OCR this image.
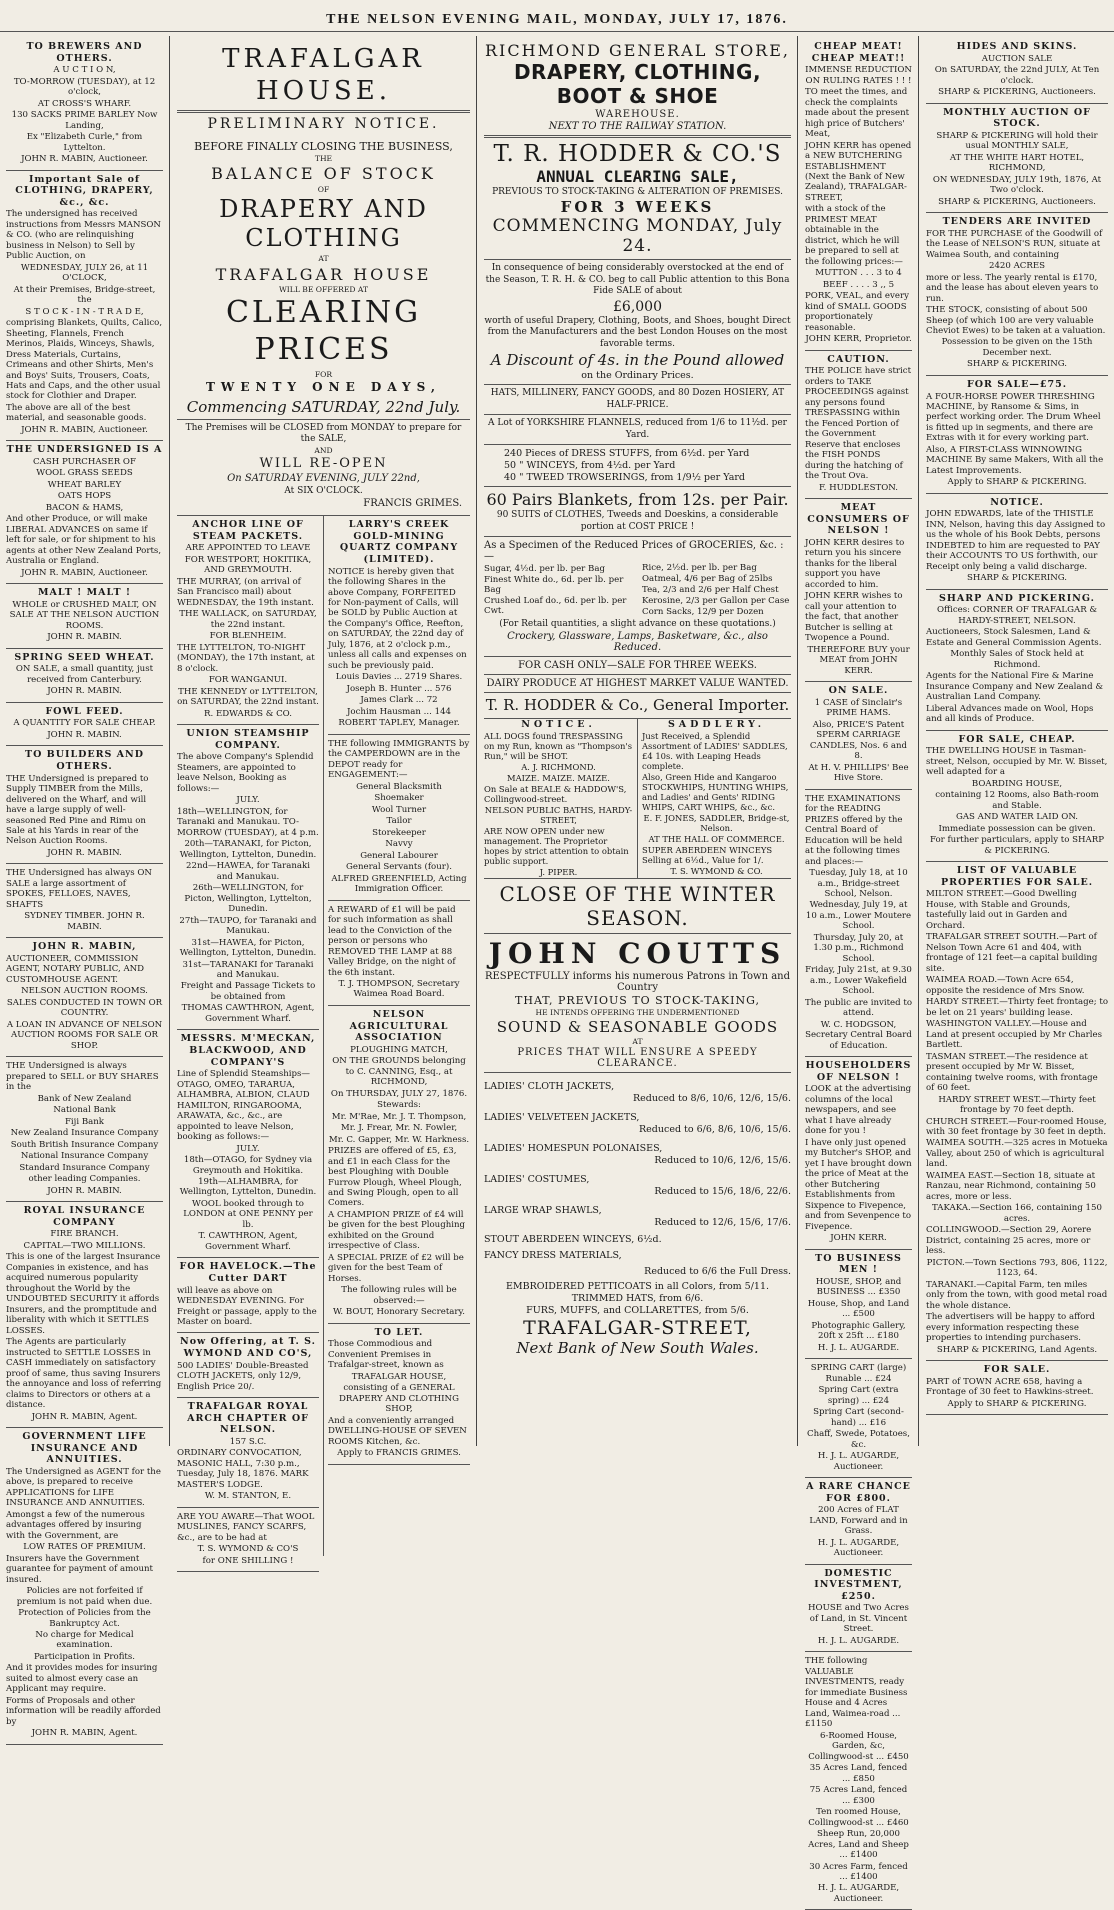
THE NELSON EVENING MAIL, MONDAY, JULY 17, 1876.
TO BREWERS AND OTHERS.

A U C T I O N,

TO-MORROW (TUESDAY), at 12 o'clock,

AT CROSS'S WHARF.

130 SACKS PRIME BARLEY Now Landing,

Ex "Elizabeth Curle," from Lyttelton.

JOHN R. MABIN, Auctioneer.

Important Sale of CLOTHING, DRAPERY, &c., &c.

The undersigned has received instructions from Messrs MANSON & CO. (who are relinquishing business in Nelson) to Sell by Public Auction, on

WEDNESDAY, JULY 26, at 11 O'CLOCK,

At their Premises, Bridge-street, the

S T O C K - I N - T R A D E,

comprising Blankets, Quilts, Calico, Sheeting, Flannels, French Merinos, Plaids, Winceys, Shawls, Dress Materials, Curtains, Crimeans and other Shirts, Men's and Boys' Suits, Trousers, Coats, Hats and Caps, and the other usual stock for Clothier and Draper.

The above are all of the best material, and seasonable goods.

JOHN R. MABIN, Auctioneer.

THE UNDERSIGNED IS A

CASH PURCHASER OF

WOOL GRASS SEEDS

WHEAT BARLEY

OATS HOPS

BACON & HAMS,

And other Produce, or will make LIBERAL ADVANCES on same if left for sale, or for shipment to his agents at other New Zealand Ports, Australia or England.

JOHN R. MABIN, Auctioneer.

MALT ! MALT !

WHOLE or CRUSHED MALT, ON SALE AT THE NELSON AUCTION ROOMS.

JOHN R. MABIN.

SPRING SEED WHEAT.

ON SALE, a small quantity, just received from Canterbury.

JOHN R. MABIN.

FOWL FEED.

A QUANTITY FOR SALE CHEAP.

JOHN R. MABIN.

TO BUILDERS AND OTHERS.

THE Undersigned is prepared to Supply TIMBER from the Mills, delivered on the Wharf, and will have a large supply of well-seasoned Red Pine and Rimu on Sale at his Yards in rear of the Nelson Auction Rooms.

JOHN R. MABIN.

THE Undersigned has always ON SALE a large assortment of SPOKES, FELLOES, NAVES, SHAFTS

SYDNEY TIMBER. JOHN R. MABIN.

JOHN R. MABIN,

AUCTIONEER, COMMISSION AGENT, NOTARY PUBLIC, AND CUSTOMHOUSE AGENT.

NELSON AUCTION ROOMS.

SALES CONDUCTED IN TOWN OR COUNTRY.

A LOAN IN ADVANCE OF NELSON AUCTION ROOMS FOR SALE OR SHOP.

THE Undersigned is always prepared to SELL or BUY SHARES in the

Bank of New Zealand

National Bank

Fiji Bank

New Zealand Insurance Company

South British Insurance Company

National Insurance Company

Standard Insurance Company

other leading Companies.

JOHN R. MABIN.

ROYAL INSURANCE COMPANY

FIRE BRANCH.

CAPITAL—TWO MILLIONS.

This is one of the largest Insurance Companies in existence, and has acquired numerous popularity throughout the World by the UNDOUBTED SECURITY it affords Insurers, and the promptitude and liberality with which it SETTLES LOSSES.

The Agents are particularly instructed to SETTLE LOSSES in CASH immediately on satisfactory proof of same, thus saving Insurers the annoyance and loss of referring claims to Directors or others at a distance.

JOHN R. MABIN, Agent.

GOVERNMENT LIFE INSURANCE AND ANNUITIES.

The Undersigned as AGENT for the above, is prepared to receive APPLICATIONS for LIFE INSURANCE AND ANNUITIES.

Amongst a few of the numerous advantages offered by insuring with the Government, are

LOW RATES OF PREMIUM.

Insurers have the Government guarantee for payment of amount insured.

Policies are not forfeited if premium is not paid when due.

Protection of Policies from the Bankruptcy Act.

No charge for Medical examination.

Participation in Profits.

And it provides modes for insuring suited to almost every case an Applicant may require.

Forms of Proposals and other information will be readily afforded by

JOHN R. MABIN, Agent.

TRAFALGAR HOUSE.
PRELIMINARY NOTICE.

BEFORE FINALLY CLOSING THE BUSINESS,

THE

BALANCE OF STOCK

OF

DRAPERY AND CLOTHING

AT

TRAFALGAR HOUSE

WILL BE OFFERED AT

CLEARING PRICES

FOR

TWENTY ONE DAYS,
Commencing SATURDAY, 22nd July.

The Premises will be CLOSED from MONDAY to prepare for the SALE,

AND

WILL RE-OPEN

On SATURDAY EVENING, JULY 22nd,

At SIX O'CLOCK.

FRANCIS GRIMES.

ANCHOR LINE OF STEAM PACKETS.

ARE APPOINTED TO LEAVE

FOR WESTPORT, HOKITIKA, AND GREYMOUTH.

THE MURRAY, (on arrival of San Francisco mail) about WEDNESDAY, the 19th instant.

THE WALLACK, on SATURDAY, the 22nd instant.

FOR BLENHEIM.

THE LYTTELTON, TO-NIGHT (MONDAY), the 17th instant, at 8 o'clock.

FOR WANGANUI.

THE KENNEDY or LYTTELTON, on SATURDAY, the 22nd instant.

R. EDWARDS & CO.

UNION STEAMSHIP COMPANY.

The above Company's Splendid Steamers, are appointed to leave Nelson, Booking as follows:—

JULY.

18th—WELLINGTON, for Taranaki and Manukau. TO-MORROW (TUESDAY), at 4 p.m.

20th—TARANAKI, for Picton, Wellington, Lyttelton, Dunedin.

22nd—HAWEA, for Taranaki and Manukau.

26th—WELLINGTON, for Picton, Wellington, Lyttelton, Dunedin.

27th—TAUPO, for Taranaki and Manukau.

31st—HAWEA, for Picton, Wellington, Lyttelton, Dunedin.

31st—TARANAKI for Taranaki and Manukau.

Freight and Passage Tickets to be obtained from

THOMAS CAWTHRON, Agent, Government Wharf.

MESSRS. M'MECKAN, BLACKWOOD, AND COMPANY'S

Line of Splendid Steamships—OTAGO, OMEO, TARARUA, ALHAMBRA, ALBION, CLAUD HAMILTON, RINGAROOMA, ARAWATA, &c., &c., are appointed to leave Nelson, booking as follows:—

JULY.

18th—OTAGO, for Sydney via Greymouth and Hokitika.

19th—ALHAMBRA, for Wellington, Lyttelton, Dunedin.

WOOL booked through to LONDON at ONE PENNY per lb.

T. CAWTHRON, Agent, Government Wharf.

FOR HAVELOCK.—The Cutter DART

will leave as above on WEDNESDAY EVENING. For Freight or passage, apply to the Master on board.

Now Offering, at T. S. WYMOND AND CO'S,

500 LADIES' Double-Breasted CLOTH JACKETS, only 12/9, English Price 20/.

TRAFALGAR ROYAL ARCH CHAPTER OF NELSON.

157 S.C.

ORDINARY CONVOCATION, MASONIC HALL, 7:30 p.m., Tuesday, July 18, 1876. MARK MASTER'S LODGE.

W. M. STANTON, E.

ARE YOU AWARE—That WOOL MUSLINES, FANCY SCARFS, &c., are to be had at

T. S. WYMOND & CO'S

for ONE SHILLING !

LARRY'S CREEK GOLD-MINING QUARTZ COMPANY (LIMITED).

NOTICE is hereby given that the following Shares in the above Company, FORFEITED for Non-payment of Calls, will be SOLD by Public Auction at the Company's Office, Reefton, on SATURDAY, the 22nd day of July, 1876, at 2 o'clock p.m., unless all calls and expenses on such be previously paid.

Louis Davies ... 2719 Shares.

Joseph B. Hunter ... 576

James Clark ... 72

Jochim Hausman ... 144

ROBERT TAPLEY, Manager.

THE following IMMIGRANTS by the CAMPERDOWN are in the DEPOT ready for ENGAGEMENT:—

General Blacksmith

Shoemaker

Wool Turner

Tailor

Storekeeper

Navvy

General Labourer

General Servants (four).

ALFRED GREENFIELD, Acting Immigration Officer.

A REWARD of £1 will be paid for such information as shall lead to the Conviction of the person or persons who REMOVED THE LAMP at 88 Valley Bridge, on the night of the 6th instant.

T. J. THOMPSON, Secretary Waimea Road Board.

NELSON AGRICULTURAL ASSOCIATION

PLOUGHING MATCH,

ON THE GROUNDS belonging to C. CANNING, Esq., at RICHMOND,

On THURSDAY, JULY 27, 1876.

Stewards:

Mr. M'Rae, Mr. J. T. Thompson,

Mr. J. Frear, Mr. N. Fowler,

Mr. C. Gapper, Mr. W. Harkness.

PRIZES are offered of £5, £3, and £1 in each Class for the best Ploughing with Double Furrow Plough, Wheel Plough, and Swing Plough, open to all Comers.

A CHAMPION PRIZE of £4 will be given for the best Ploughing exhibited on the Ground irrespective of Class.

A SPECIAL PRIZE of £2 will be given for the best Team of Horses.

The following rules will be observed:—

W. BOUT, Honorary Secretary.

TO LET.

Those Commodious and Convenient Premises in Trafalgar-street, known as

TRAFALGAR HOUSE,

consisting of a GENERAL DRAPERY AND CLOTHING SHOP,

And a conveniently arranged DWELLING-HOUSE OF SEVEN ROOMS Kitchen, &c.

Apply to FRANCIS GRIMES.

RICHMOND GENERAL STORE,
DRAPERY, CLOTHING, BOOT & SHOE

WAREHOUSE.

NEXT TO THE RAILWAY STATION.

T. R. HODDER & CO.'S
ANNUAL CLEARING SALE,

PREVIOUS TO STOCK-TAKING & ALTERATION OF PREMISES.

FOR 3 WEEKS
COMMENCING MONDAY, July 24.

In consequence of being considerably overstocked at the end of the Season, T. R. H. & CO. beg to call Public attention to this Bona Fide SALE of about

£6,000

worth of useful Drapery, Clothing, Boots, and Shoes, bought Direct from the Manufacturers and the best London Houses on the most favorable terms.

A Discount of 4s. in the Pound allowed

on the Ordinary Prices.

HATS, MILLINERY, FANCY GOODS, and 80 Dozen HOSIERY, AT HALF-PRICE.

A Lot of YORKSHIRE FLANNELS, reduced from 1/6 to 11½d. per Yard.

240 Pieces of DRESS STUFFS, from 6½d. per Yard

50 " WINCEYS, from 4½d. per Yard

40 " TWEED TROWSERINGS, from 1/9½ per Yard

60 Pairs Blankets, from 12s. per Pair.

90 SUITS of CLOTHES, Tweeds and Doeskins, a considerable portion at COST PRICE !

As a Specimen of the Reduced Prices of GROCERIES, &c. :—

Sugar, 4½d. per lb. per Bag

Finest White do., 6d. per lb. per Bag

Crushed Loaf do., 6d. per lb. per Cwt.

Rice, 2½d. per lb. per Bag

Oatmeal, 4/6 per Bag of 25lbs

Tea, 2/3 and 2/6 per Half Chest

Kerosine, 2/3 per Gallon per Case

Corn Sacks, 12/9 per Dozen

(For Retail quantities, a slight advance on these quotations.)

Crockery, Glassware, Lamps, Basketware, &c., also Reduced.

FOR CASH ONLY—SALE FOR THREE WEEKS.

DAIRY PRODUCE AT HIGHEST MARKET VALUE WANTED.

T. R. HODDER & Co., General Importer.
NOTICE.

ALL DOGS found TRESPASSING on my Run, known as "Thompson's Run," will be SHOT.

A. J. RICHMOND.

MAIZE. MAIZE. MAIZE.

On Sale at BEALE & HADDOW'S, Collingwood-street.

NELSON PUBLIC BATHS, HARDY-STREET,

ARE NOW OPEN under new management. The Proprietor hopes by strict attention to obtain public support.

J. PIPER.

SADDLERY.

Just Received, a Splendid Assortment of LADIES' SADDLES, £4 10s. with Leaping Heads complete.

Also, Green Hide and Kangaroo STOCKWHIPS, HUNTING WHIPS, and Ladies' and Gents' RIDING WHIPS, CART WHIPS, &c., &c.

E. F. JONES, SADDLER, Bridge-st, Nelson.

AT THE HALL OF COMMERCE.

SUPER ABERDEEN WINCEYS Selling at 6½d., Value for 1/.

T. S. WYMOND & CO.

CLOSE OF THE WINTER SEASON.
JOHN COUTTS

RESPECTFULLY informs his numerous Patrons in Town and Country

THAT, PREVIOUS TO STOCK-TAKING,

HE INTENDS OFFERING THE UNDERMENTIONED

SOUND & SEASONABLE GOODS

AT

PRICES THAT WILL ENSURE A SPEEDY CLEARANCE.

LADIES' CLOTH JACKETS,

Reduced to 8/6, 10/6, 12/6, 15/6.

LADIES' VELVETEEN JACKETS,

Reduced to 6/6, 8/6, 10/6, 15/6.

LADIES' HOMESPUN POLONAISES,

Reduced to 10/6, 12/6, 15/6.

LADIES' COSTUMES,

Reduced to 15/6, 18/6, 22/6.

LARGE WRAP SHAWLS,

Reduced to 12/6, 15/6, 17/6.

STOUT ABERDEEN WINCEYS, 6½d.

FANCY DRESS MATERIALS,

Reduced to 6/6 the Full Dress.

EMBROIDERED PETTICOATS in all Colors, from 5/11.

TRIMMED HATS, from 6/6.

FURS, MUFFS, and COLLARETTES, from 5/6.

TRAFALGAR-STREET,
Next Bank of New South Wales.
CHEAP MEAT! CHEAP MEAT!!

IMMENSE REDUCTION ON RULING RATES ! ! !

TO meet the times, and check the complaints made about the present high price of Butchers' Meat,

JOHN KERR has opened a NEW BUTCHERING ESTABLISHMENT (Next the Bank of New Zealand), TRAFALGAR-STREET,

with a stock of the PRIMEST MEAT obtainable in the district, which he will be prepared to sell at the following prices:—

MUTTON . . . 3 to 4

BEEF . . . . 3 ,, 5

PORK, VEAL, and every kind of SMALL GOODS proportionately reasonable.

JOHN KERR, Proprietor.

CAUTION.

THE POLICE have strict orders to TAKE PROCEEDINGS against any persons found TRESPASSING within the Fenced Portion of the Government Reserve that encloses the FISH PONDS during the hatching of the Trout Ova.

F. HUDDLESTON.

MEAT CONSUMERS OF NELSON !

JOHN KERR desires to return you his sincere thanks for the liberal support you have accorded to him.

JOHN KERR wishes to call your attention to the fact, that another Butcher is selling at Twopence a Pound.

THEREFORE BUY your MEAT from JOHN KERR.

ON SALE.

1 CASE of Sinclair's PRIME HAMS.

Also, PRICE'S Patent SPERM CARRIAGE CANDLES, Nos. 6 and 8.

At H. V. PHILLIPS' Bee Hive Store.

THE EXAMINATIONS for the READING PRIZES offered by the Central Board of Education will be held at the following times and places:—

Tuesday, July 18, at 10 a.m., Bridge-street School, Nelson.

Wednesday, July 19, at 10 a.m., Lower Moutere School.

Thursday, July 20, at 1.30 p.m., Richmond School.

Friday, July 21st, at 9.30 a.m., Lower Wakefield School.

The public are invited to attend.

W. C. HODGSON, Secretary Central Board of Education.

HOUSEHOLDERS OF NELSON !

LOOK at the advertising columns of the local newspapers, and see what I have already done for you !

I have only just opened my Butcher's SHOP, and yet I have brought down the price of Meat at the other Butchering Establishments from Sixpence to Fivepence, and from Sevenpence to Fivepence.

JOHN KERR.

TO BUSINESS MEN !

HOUSE, SHOP, and BUSINESS ... £350

House, Shop, and Land ... £500

Photographic Gallery, 20ft x 25ft ... £180

H. J. L. AUGARDE.

SPRING CART (large) Runable ... £24

Spring Cart (extra spring) ... £24

Spring Cart (second-hand) ... £16

Chaff, Swede, Potatoes, &c.

H. J. L. AUGARDE, Auctioneer.

A RARE CHANCE FOR £800.

200 Acres of FLAT LAND, Forward and in Grass.

H. J. L. AUGARDE, Auctioneer.

DOMESTIC INVESTMENT, £250.

HOUSE and Two Acres of Land, in St. Vincent Street.

H. J. L. AUGARDE.

THE following VALUABLE INVESTMENTS, ready for immediate Business House and 4 Acres Land, Waimea-road ... £1150

6-Roomed House, Garden, &c, Collingwood-st ... £450

35 Acres Land, fenced ... £850

75 Acres Land, fenced ... £300

Ten roomed House, Collingwood-st ... £460

Sheep Run, 20,000 Acres, Land and Sheep ... £1400

30 Acres Farm, fenced ... £1400

H. J. L. AUGARDE, Auctioneer.

HIDES AND SKINS.

AUCTION SALE

On SATURDAY, the 22nd JULY, At Ten o'clock.

SHARP & PICKERING, Auctioneers.

MONTHLY AUCTION OF STOCK.

SHARP & PICKERING will hold their usual MONTHLY SALE,

AT THE WHITE HART HOTEL, RICHMOND,

ON WEDNESDAY, JULY 19th, 1876, At Two o'clock.

SHARP & PICKERING, Auctioneers.

TENDERS ARE INVITED

FOR THE PURCHASE of the Goodwill of the Lease of NELSON'S RUN, situate at Waimea South, and containing

2420 ACRES

more or less. The yearly rental is £170, and the lease has about eleven years to run.

THE STOCK, consisting of about 500 Sheep (of which 100 are very valuable Cheviot Ewes) to be taken at a valuation.

Possession to be given on the 15th December next.

SHARP & PICKERING.

FOR SALE—£75.

A FOUR-HORSE POWER THRESHING MACHINE, by Ransome & Sims, in perfect working order. The Drum Wheel is fitted up in segments, and there are Extras with it for every working part.

Also, A FIRST-CLASS WINNOWING MACHINE By same Makers, With all the Latest Improvements.

Apply to SHARP & PICKERING.

NOTICE.

JOHN EDWARDS, late of the THISTLE INN, Nelson, having this day Assigned to us the whole of his Book Debts, persons INDEBTED to him are requested to PAY their ACCOUNTS TO US forthwith, our Receipt only being a valid discharge.

SHARP & PICKERING.

SHARP AND PICKERING.

Offices: CORNER OF TRAFALGAR & HARDY-STREET, NELSON.

Auctioneers, Stock Salesmen, Land & Estate and General Commission Agents.

Monthly Sales of Stock held at Richmond.

Agents for the National Fire & Marine Insurance Company and New Zealand & Australian Land Company.

Liberal Advances made on Wool, Hops and all kinds of Produce.

FOR SALE, CHEAP.

THE DWELLING HOUSE in Tasman-street, Nelson, occupied by Mr. W. Bisset, well adapted for a

BOARDING HOUSE,

containing 12 Rooms, also Bath-room and Stable.

GAS AND WATER LAID ON.

Immediate possession can be given.

For further particulars, apply to SHARP & PICKERING.

LIST OF VALUABLE PROPERTIES FOR SALE.

MILTON STREET.—Good Dwelling House, with Stable and Grounds, tastefully laid out in Garden and Orchard.

TRAFALGAR STREET SOUTH.—Part of Nelson Town Acre 61 and 404, with frontage of 121 feet—a capital building site.

WAIMEA ROAD.—Town Acre 654, opposite the residence of Mrs Snow.

HARDY STREET.—Thirty feet frontage; to be let on 21 years' building lease.

WASHINGTON VALLEY.—House and Land at present occupied by Mr Charles Bartlett.

TASMAN STREET.—The residence at present occupied by Mr W. Bisset, containing twelve rooms, with frontage of 60 feet.

HARDY STREET WEST.—Thirty feet frontage by 70 feet depth.

CHURCH STREET.—Four-roomed House, with 30 feet frontage by 30 feet in depth.

WAIMEA SOUTH.—325 acres in Motueka Valley, about 250 of which is agricultural land.

WAIMEA EAST.—Section 18, situate at Ranzau, near Richmond, containing 50 acres, more or less.

TAKAKA.—Section 166, containing 150 acres.

COLLINGWOOD.—Section 29, Aorere District, containing 25 acres, more or less.

PICTON.—Town Sections 793, 806, 1122, 1123, 64.

TARANAKI.—Capital Farm, ten miles only from the town, with good metal road the whole distance.

The advertisers will be happy to afford every information respecting these properties to intending purchasers.

SHARP & PICKERING, Land Agents.

FOR SALE.

PART of TOWN ACRE 658, having a Frontage of 30 feet to Hawkins-street.

Apply to SHARP & PICKERING.
